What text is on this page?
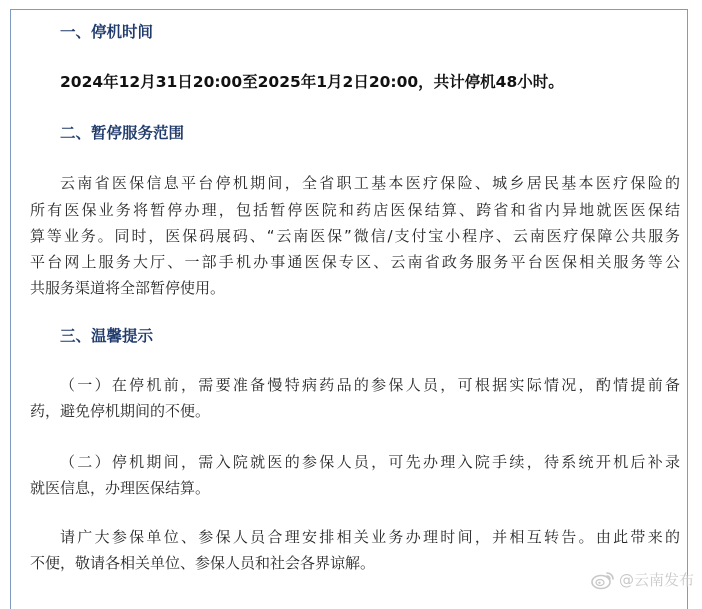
一、停机时间
2024年12月31日20:00至2025年1月2日20:00，共计停机48小时。
二、暂停服务范围
云南省医保信息平台停机期间，全省职工基本医疗保险、城乡居民基本医疗保险的
所有医保业务将暂停办理，包括暂停医院和药店医保结算、跨省和省内异地就医医保结
算等业务。同时，医保码展码、“云南医保”微信/支付宝小程序、云南医疗保障公共服务
平台网上服务大厅、一部手机办事通医保专区、云南省政务服务平台医保相关服务等公
共服务渠道将全部暂停使用。
三、温馨提示
（一）在停机前，需要准备慢特病药品的参保人员，可根据实际情况，酌情提前备
药，避免停机期间的不便。
（二）停机期间，需入院就医的参保人员，可先办理入院手续，待系统开机后补录
就医信息，办理医保结算。
请广大参保单位、参保人员合理安排相关业务办理时间，并相互转告。由此带来的
不便，敬请各相关单位、参保人员和社会各界谅解。
@云南发布
